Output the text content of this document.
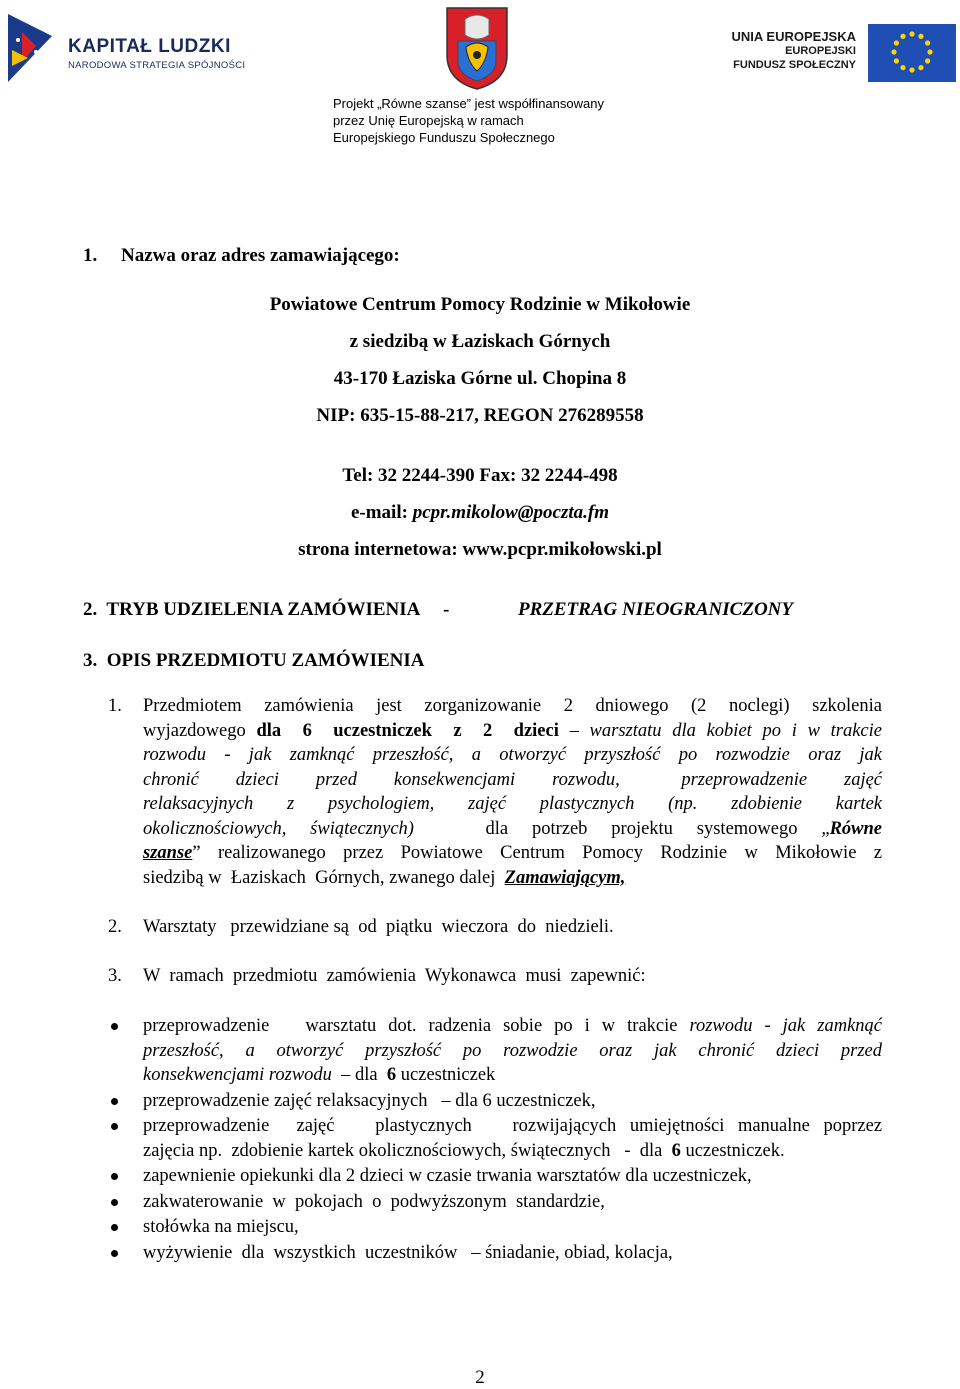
KAPITAŁ LUDZKI
NARODOWA STRATEGIA SPÓJNOŚCI
UNIA EUROPEJSKA
EUROPEJSKI
FUNDUSZ SPOŁECZNY
Projekt „Równe szanse” jest współfinansowany
przez Unię Europejską w ramach
Europejskiego Funduszu Społecznego
1. Nazwa oraz adres zamawiającego:
Powiatowe Centrum Pomocy Rodzinie w Mikołowie
z siedzibą w Łaziskach Górnych
43-170 Łaziska Górne ul. Chopina 8
NIP: 635-15-88-217, REGON 276289558
Tel: 32 2244-390 Fax: 32 2244-498
e-mail: pcpr.mikolow@poczta.fm
strona internetowa: www.pcpr.mikołowski.pl
2.  TRYB UDZIELENIA ZAMÓWIENIA     -	PRZETRAG NIEOGRANICZONY
3.  OPIS PRZEDMIOTU ZAMÓWIENIA
1. Przedmiotem  zamówienia  jest  zorganizowanie  2  dniowego  (2  noclegi)  szkolenia
wyjazdowego dla  6  uczestniczek  z  2  dzieci – warsztatu dla kobiet po i w trakcie
rozwodu  -  jak  zamknąć  przeszłość,  a  otworzyć  przyszłość  po  rozwodzie  oraz  jak
chronić   dzieci   przed   konsekwencjami   rozwodu,     przeprowadzenie   zajęć
relaksacyjnych   z   psychologiem,   zajęć   plastycznych   (np.   zdobienie   kartek
okolicznościowych,  świątecznych)      dla  potrzeb  projektu  systemowego  „Równe
szanse”  realizowanego  przez  Powiatowe  Centrum  Pomocy  Rodzinie  w  Mikołowie  z
siedzibą w  Łaziskach  Górnych, zwanego dalej  Zamawiającym,
2. Warsztaty   przewidziane są  od  piątku  wieczora  do  niedzieli.
3. W  ramach  przedmiotu  zamówienia  Wykonawca  musi  zapewnić:
przeprowadzenie   warsztatu dot. radzenia sobie po i w trakcie rozwodu - jak zamknąć
przeszłość,  a  otworzyć  przyszłość  po  rozwodzie  oraz  jak  chronić  dzieci  przed
konsekwencjami rozwodu  – dla  6 uczestniczek
przeprowadzenie zajęć relaksacyjnych   – dla 6 uczestniczek,
przeprowadzenie  zajęć   plastycznych   rozwijających umiejętności manualne poprzez
zajęcia np.  zdobienie kartek okolicznościowych, świątecznych   -  dla  6 uczestniczek.
zapewnienie opiekunki dla 2 dzieci w czasie trwania warsztatów dla uczestniczek,
zakwaterowanie  w  pokojach  o  podwyższonym  standardzie,
stołówka na miejscu,
wyżywienie  dla  wszystkich  uczestników   – śniadanie, obiad, kolacja,
2
